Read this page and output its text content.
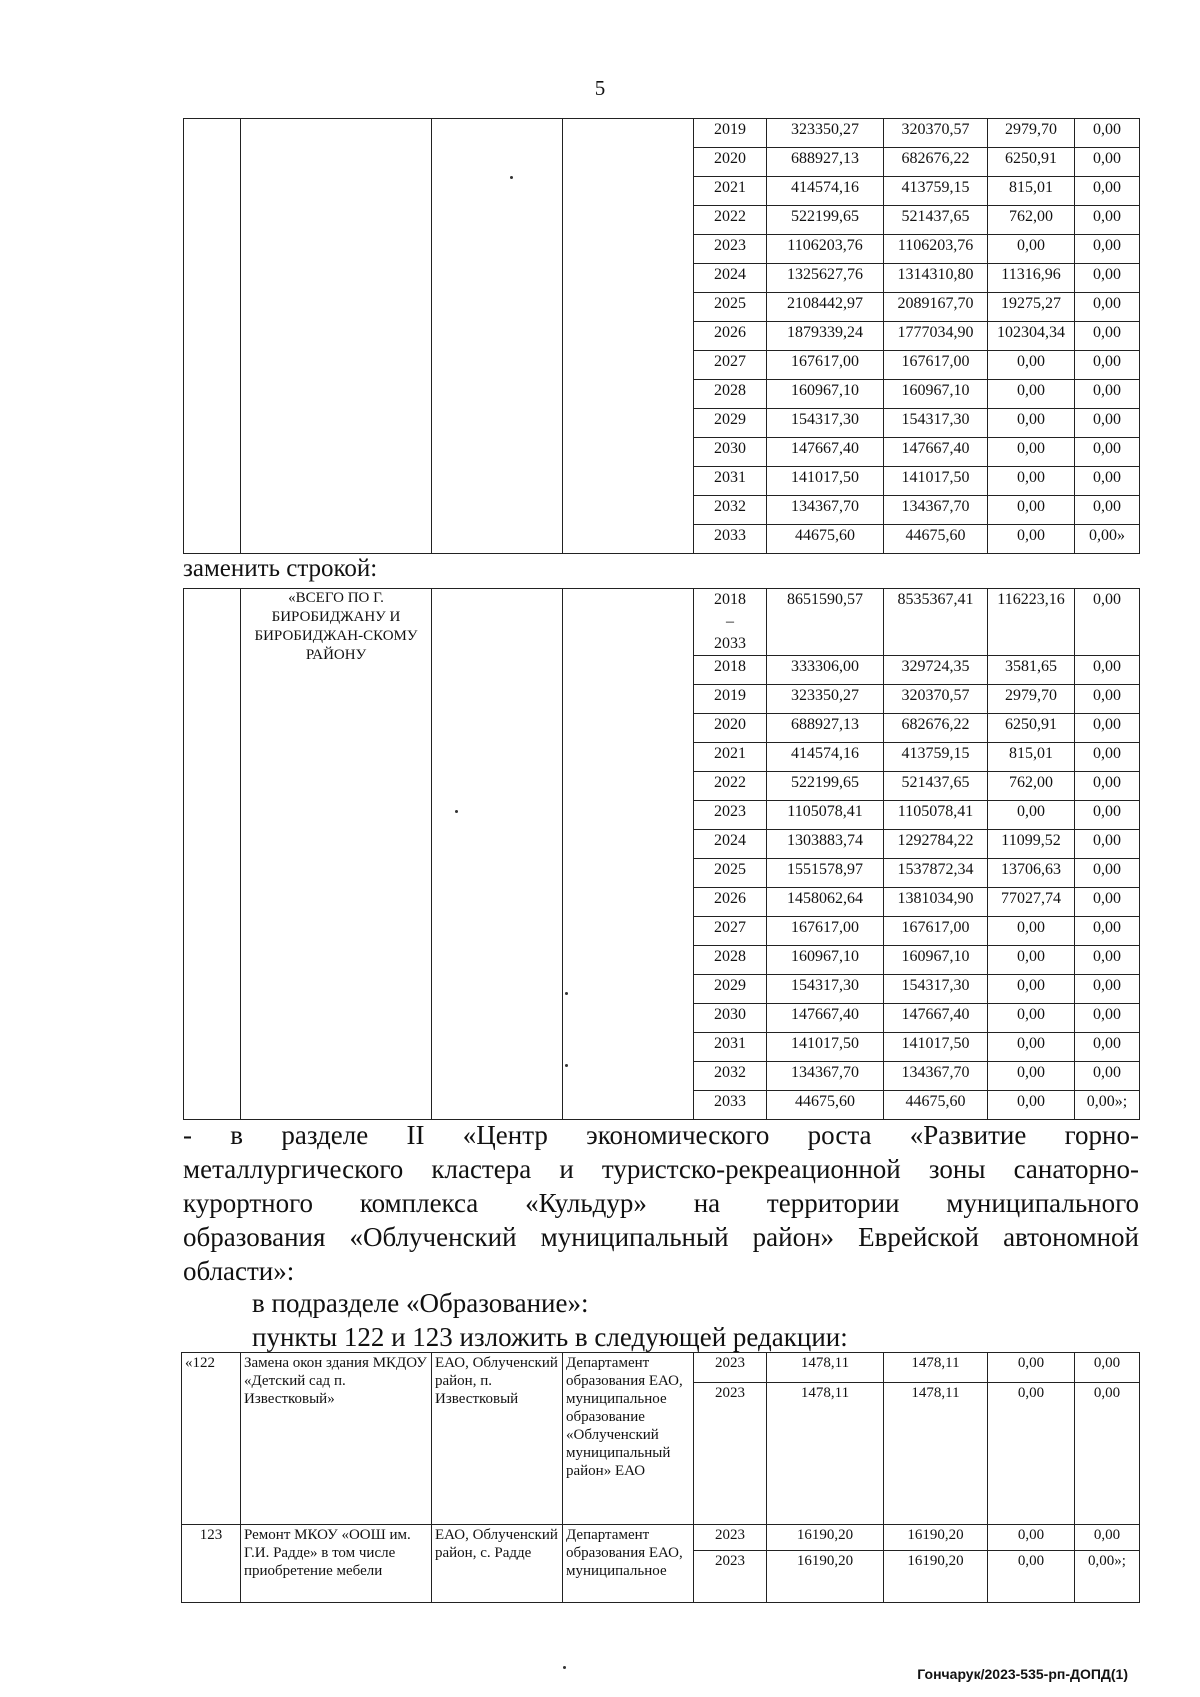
5
				2019	323350,27	320370,57	2979,70	0,00
				2020	688927,13	682676,22	6250,91	0,00
				2021	414574,16	413759,15	815,01	0,00
				2022	522199,65	521437,65	762,00	0,00
				2023	1106203,76	1106203,76	0,00	0,00
				2024	1325627,76	1314310,80	11316,96	0,00
				2025	2108442,97	2089167,70	19275,27	0,00
				2026	1879339,24	1777034,90	102304,34	0,00
				2027	167617,00	167617,00	0,00	0,00
				2028	160967,10	160967,10	0,00	0,00
				2029	154317,30	154317,30	0,00	0,00
				2030	147667,40	147667,40	0,00	0,00
				2031	141017,50	141017,50	0,00	0,00
				2032	134367,70	134367,70	0,00	0,00
				2033	44675,60	44675,60	0,00	0,00»
заменить строкой:
	«ВСЕГО ПО Г. БИРОБИДЖАНУ И БИРОБИДЖАН-СКОМУ РАЙОНУ			2018
–
2033	8651590,57	8535367,41	116223,16	0,00
				2018	333306,00	329724,35	3581,65	0,00
				2019	323350,27	320370,57	2979,70	0,00
				2020	688927,13	682676,22	6250,91	0,00
				2021	414574,16	413759,15	815,01	0,00
				2022	522199,65	521437,65	762,00	0,00
				2023	1105078,41	1105078,41	0,00	0,00
				2024	1303883,74	1292784,22	11099,52	0,00
				2025	1551578,97	1537872,34	13706,63	0,00
				2026	1458062,64	1381034,90	77027,74	0,00
				2027	167617,00	167617,00	0,00	0,00
				2028	160967,10	160967,10	0,00	0,00
				2029	154317,30	154317,30	0,00	0,00
				2030	147667,40	147667,40	0,00	0,00
				2031	141017,50	141017,50	0,00	0,00
				2032	134367,70	134367,70	0,00	0,00
				2033	44675,60	44675,60	0,00	0,00»;
- в разделе II «Центр экономического роста «Развитие горно-
металлургического кластера и туристско-рекреационной зоны санаторно-
курортного комплекса «Кульдур» на территории муниципального
образования «Облученский муниципальный район» Еврейской автономной
области»:
в подразделе «Образование»:
пункты 122 и 123 изложить в следующей редакции:
«122	Замена окон здания МКДОУ «Детский сад п. Известковый»	ЕАО, Облученский район, п. Известковый	Департамент образования ЕАО, муниципальное образование «Облученский муниципальный район» ЕАО	2023	1478,11	1478,11	0,00	0,00
				2023	1478,11	1478,11	0,00	0,00
123	Ремонт МКОУ «ООШ им. Г.И. Радде» в том числе приобретение мебели	ЕАО, Облученский район, с. Радде	Департамент образования ЕАО, муниципальное	2023	16190,20	16190,20	0,00	0,00
				2023	16190,20	16190,20	0,00	0,00»;
Гончарук/2023-535-рп-ДОПД(1)
